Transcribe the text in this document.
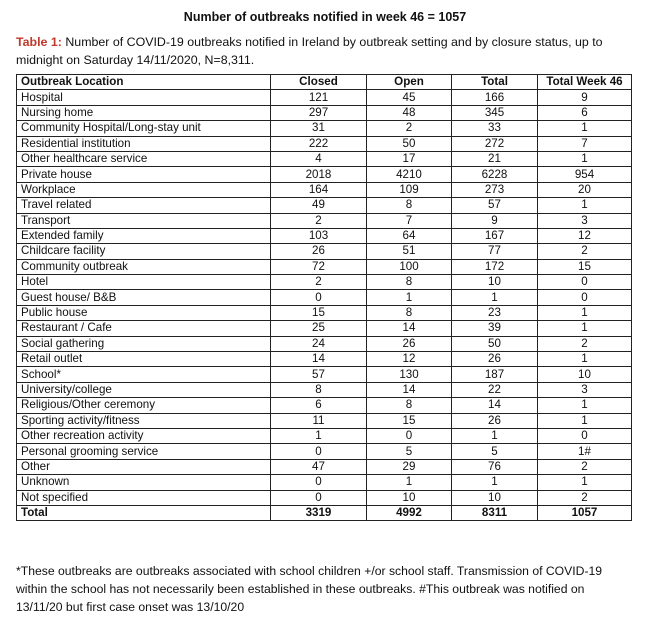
Number of outbreaks notified in week 46 = 1057
Table 1: Number of COVID-19 outbreaks notified in Ireland by outbreak setting and by closure status, up to midnight on Saturday 14/11/2020, N=8,311.
Outbreak Location	Closed	Open	Total	Total Week 46
Hospital	121	45	166	9
Nursing home	297	48	345	6
Community Hospital/Long-stay unit	31	2	33	1
Residential institution	222	50	272	7
Other healthcare service	4	17	21	1
Private house	2018	4210	6228	954
Workplace	164	109	273	20
Travel related	49	8	57	1
Transport	2	7	9	3
Extended family	103	64	167	12
Childcare facility	26	51	77	2
Community outbreak	72	100	172	15
Hotel	2	8	10	0
Guest house/ B&B	0	1	1	0
Public house	15	8	23	1
Restaurant / Cafe	25	14	39	1
Social gathering	24	26	50	2
Retail outlet	14	12	26	1
School*	57	130	187	10
University/college	8	14	22	3
Religious/Other ceremony	6	8	14	1
Sporting activity/fitness	11	15	26	1
Other recreation activity	1	0	1	0
Personal grooming service	0	5	5	1#
Other	47	29	76	2
Unknown	0	1	1	1
Not specified	0	10	10	2
Total	3319	4992	8311	1057
*These outbreaks are outbreaks associated with school children +/or school staff. Transmission of COVID-19 within the school has not necessarily been established in these outbreaks. #This outbreak was notified on 13/11/20 but first case onset was 13/10/20
